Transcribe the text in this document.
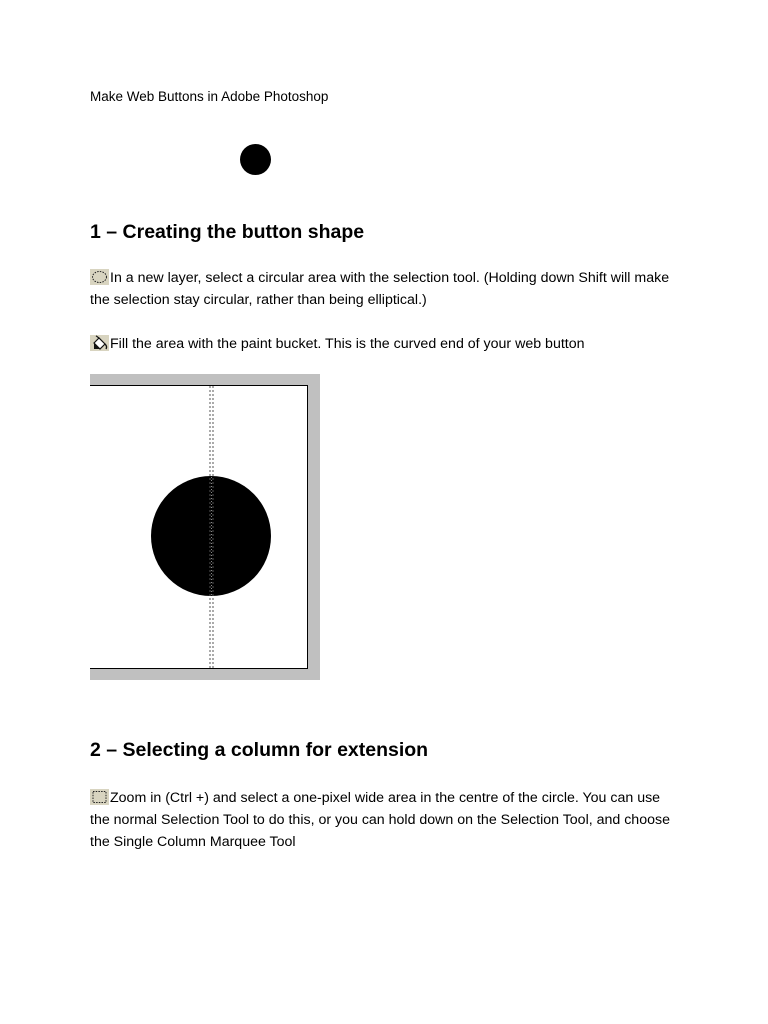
Make Web Buttons in Adobe Photoshop
1 – Creating the button shape

In a new layer, select a circular area with the selection tool. (Holding down Shift will make the selection stay circular, rather than being elliptical.)

Fill the area with the paint bucket. This is the curved end of your web button

2 – Selecting a column for extension

Zoom in (Ctrl +) and select a one-pixel wide area in the centre of the circle. You can use the normal Selection Tool to do this, or you can hold down on the Selection Tool, and choose the Single Column Marquee Tool
